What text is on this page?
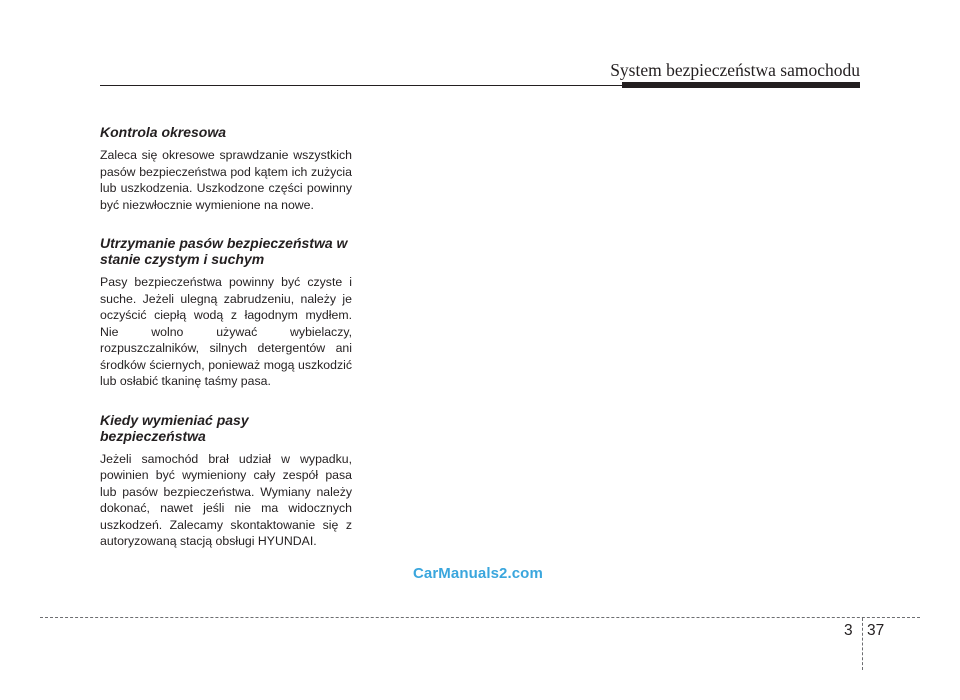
System bezpieczeństwa samochodu
Kontrola okresowa

Zaleca się okresowe sprawdzanie wszystkich pasów bezpieczeństwa pod kątem ich zużycia lub uszkodzenia. Uszkodzone części powinny być niezwłocznie wymienione na nowe.

Utrzymanie pasów bezpieczeństwa w stanie czystym i suchym

Pasy bezpieczeństwa powinny być czyste i suche. Jeżeli ulegną zabrudzeniu, należy je oczyścić ciepłą wodą z łagodnym mydłem. Nie wolno używać wybielaczy, rozpuszczalników, silnych detergentów ani środków ściernych, ponieważ mogą uszkodzić lub osłabić tkaninę taśmy pasa.

Kiedy wymieniać pasy bezpieczeństwa

Jeżeli samochód brał udział w wypadku, powinien być wymieniony cały zespół pasa lub pasów bezpieczeństwa. Wymiany należy dokonać, nawet jeśli nie ma widocznych uszkodzeń. Zalecamy skontaktowanie się z autoryzowaną stacją obsługi HYUNDAI.

CarManuals2.com
3 37
